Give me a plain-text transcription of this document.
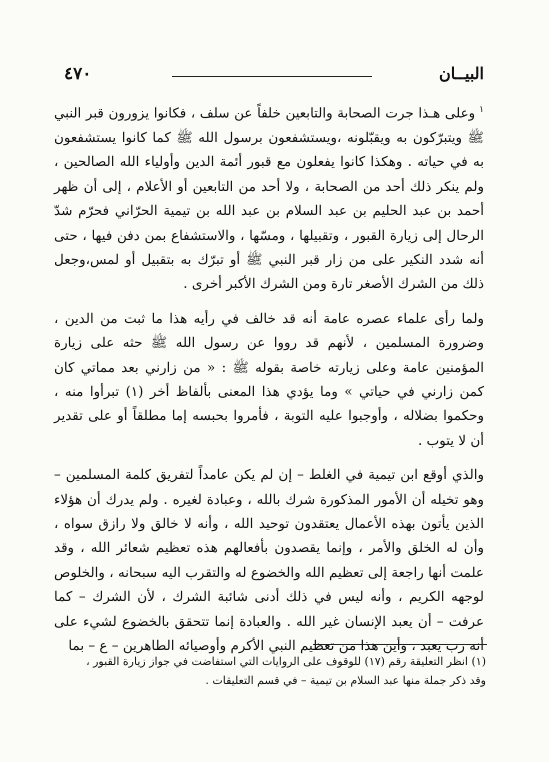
٤٧٠	البيــان

$^١$وعلى هـذا جرت الصحابة والتابعين خلفاً عن سلف ، فكانوا يزورون قبر النبي ﷺ ويتبرّكون به ويقبّلونه ،ويستشفعون برسول الله ﷺ كما كانوا يستشفعون به في حياته . وهكذا كانوا يفعلون مع قبور أئمة الدين وأولياء الله الصالحين ، ولم ينكر ذلك أحد من الصحابة ، ولا أحد من التابعين أو الأعلام ، إلى أن ظهر أحمد بن عبد الحليم بن عبد السلام بن عبد الله بن تيمية الحرّاني فحرّم شدّ الرحال إلى زيارة القبور ، وتقبيلها ، ومسّها ، والاستشفاع بمن دفن فيها ، حتى أنه شدد النكير على من زار قبر النبي ﷺ أو تبرّك به بتقبيل أو لمس،وجعل ذلك من الشرك الأصغر تارة ومن الشرك الأكبر أخرى .

ولما رأى علماء عصره عامة أنه قد خالف في رأيه هذا ما ثبت من الدين ، وضرورة المسلمين ، لأنهم قد رووا عن رسول الله ﷺ حثه على زيارة المؤمنين عامة وعلى زيارته خاصة بقوله ﷺ : « من زارني بعد مماتي كان كمن زارني في حياتي » وما يؤدي هذا المعنى بألفاظ أخر (١) تبرأوا منه ، وحكموا بضلاله ، وأوجبوا عليه التوبة ، فأمروا بحبسه إما مطلقاً أو على تقدير أن لا يتوب .

والذي أوقع ابن تيمية في الغلط – إن لم يكن عامداً لتفريق كلمة المسلمين – وهو تخيله أن الأمور المذكورة شرك بالله ، وعبادة لغيره . ولم يدرك أن هؤلاء الذين يأتون بهذه الأعمال يعتقدون توحيد الله ، وأنه لا خالق ولا رازق سواه ، وأن له الخلق والأمر ، وإنما يقصدون بأفعالهم هذه تعظيم شعائر الله ، وقد علمت أنها راجعة إلى تعظيم الله والخضوع له والتقرب اليه سبحانه ، والخلوص لوجهه الكريم ، وأنه ليس في ذلك أدنى شائبة الشرك ، لأن الشرك – كما عرفت – أن يعبد الإنسان غير الله . والعبادة إنما تتحقق بالخضوع لشيء على أنه رب يعبد ، وأين هذا من تعظيم النبي الأكرم وأوصيائه الطاهرين – ع – بما

(١) انظر التعليقة رقم (١٧) للوقوف على الروايات التي استفاضت في جواز زيارة القبور ،

وقد ذكر جملة منها عبد السلام بن تيمية – في قسم التعليقات .
